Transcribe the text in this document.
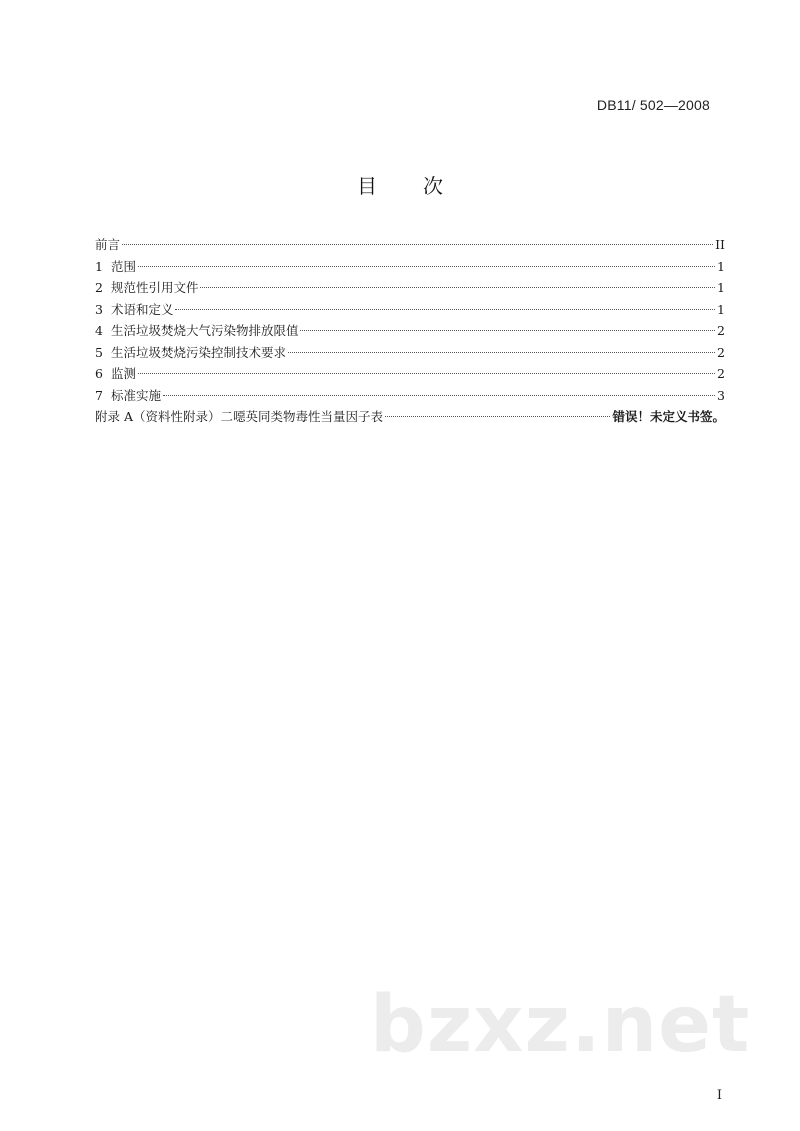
DB11/ 502—2008
目 次
前言	II
1 范围	1
2 规范性引用文件	1
3 术语和定义	1
4 生活垃圾焚烧大气污染物排放限值	2
5 生活垃圾焚烧污染控制技术要求	2
6 监测	2
7 标准实施	3
附录 A（资料性附录）二噁英同类物毒性当量因子表	错误！未定义书签。
bzxz.net
I
